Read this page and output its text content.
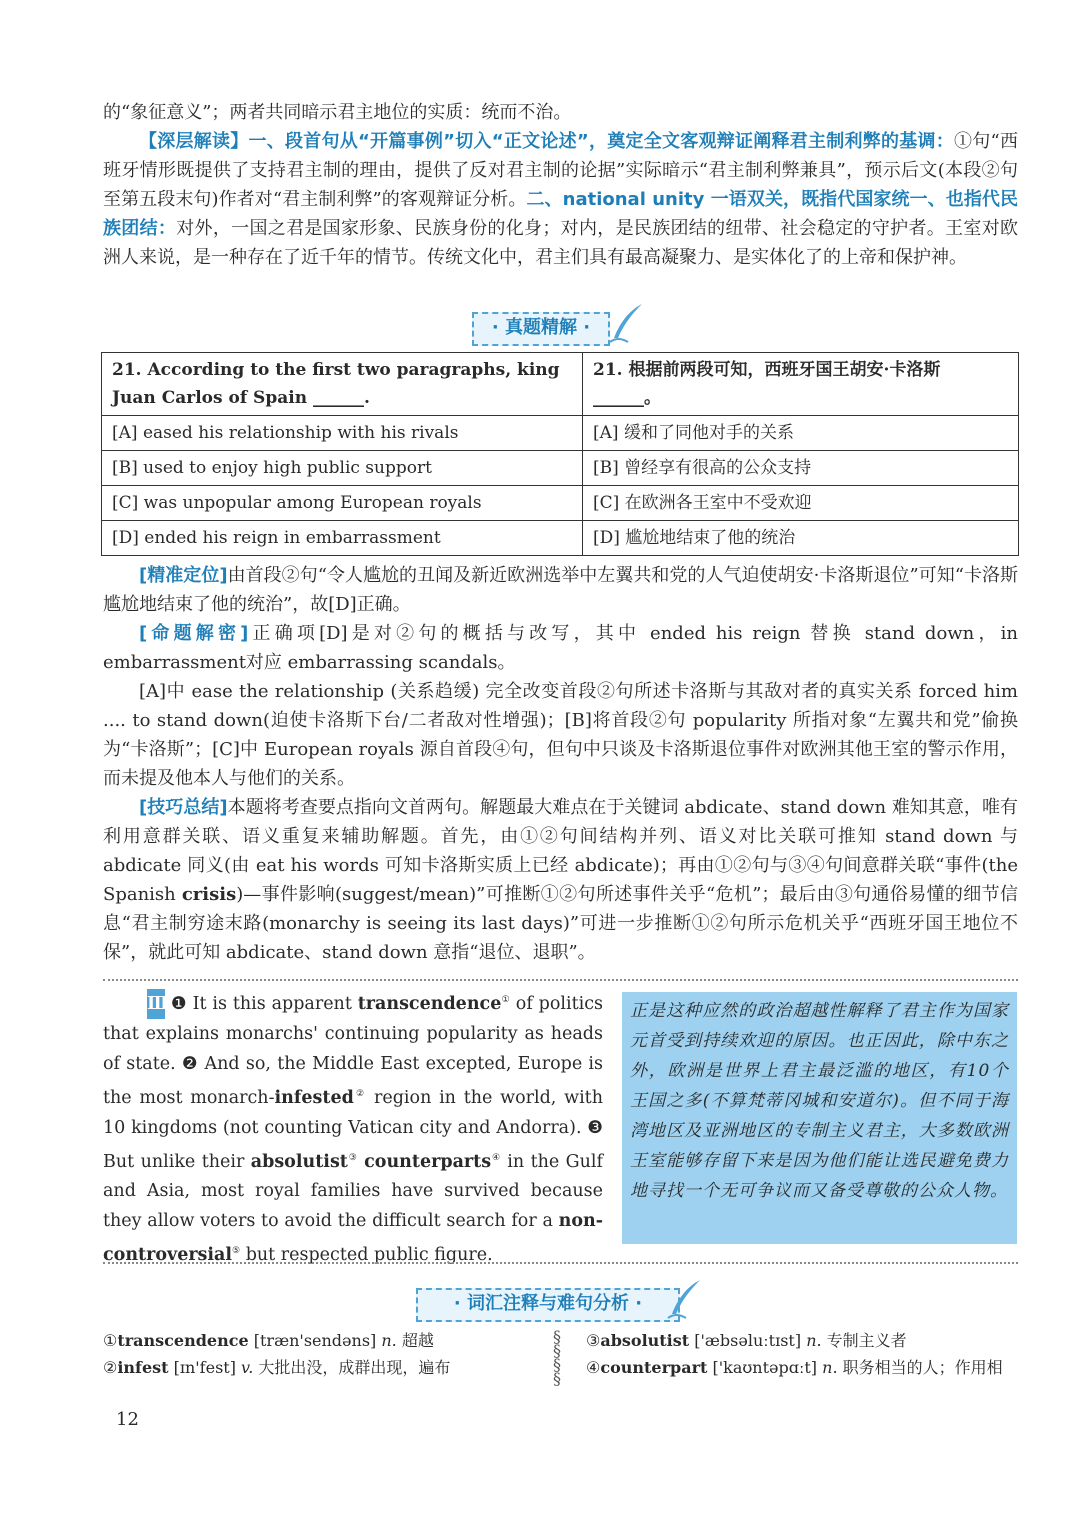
的“象征意义”；两者共同暗示君主地位的实质：统而不治。

【深层解读】一、段首句从“开篇事例”切入“正文论述”，奠定全文客观辩证阐释君主制利弊的基调：①句“西班牙情形既提供了支持君主制的理由，提供了反对君主制的论据”实际暗示“君主制利弊兼具”，预示后文(本段②句至第五段末句)作者对“君主制利弊”的客观辩证分析。二、national unity 一语双关，既指代国家统一、也指代民族团结：对外，一国之君是国家形象、民族身份的化身；对内，是民族团结的纽带、社会稳定的守护者。王室对欧洲人来说，是一种存在了近千年的情节。传统文化中，君主们具有最高凝聚力、是实体化了的上帝和保护神。

· 真题精解 ·
21. According to the first two paragraphs, king Juan Carlos of Spain ______.	21. 根据前两段可知，西班牙国王胡安·卡洛斯______。
[A] eased his relationship with his rivals	[A] 缓和了同他对手的关系
[B] used to enjoy high public support	[B] 曾经享有很高的公众支持
[C] was unpopular among European royals	[C] 在欧洲各王室中不受欢迎
[D] ended his reign in embarrassment	[D] 尴尬地结束了他的统治

[精准定位]由首段②句“令人尴尬的丑闻及新近欧洲选举中左翼共和党的人气迫使胡安·卡洛斯退位”可知“卡洛斯尴尬地结束了他的统治”，故[D]正确。

[命题解密]正确项[D]是对②句的概括与改写，其中 ended his reign 替换 stand down，in embarrassment对应 embarrassing scandals。

[A]中 ease the relationship (关系趋缓) 完全改变首段②句所述卡洛斯与其敌对者的真实关系 forced him .... to stand down(迫使卡洛斯下台/二者敌对性增强)；[B]将首段②句 popularity 所指对象“左翼共和党”偷换为“卡洛斯”；[C]中 European royals 源自首段④句，但句中只谈及卡洛斯退位事件对欧洲其他王室的警示作用，而未提及他本人与他们的关系。

[技巧总结]本题将考查要点指向文首两句。解题最大难点在于关键词 abdicate、stand down 难知其意，唯有利用意群关联、语义重复来辅助解题。首先，由①②句间结构并列、语义对比关联可推知 stand down 与 abdicate 同义(由 eat his words 可知卡洛斯实质上已经 abdicate)；再由①②句与③④句间意群关联“事件(the Spanish crisis)—事件影响(suggest/mean)”可推断①②句所述事件关乎“危机”；最后由③句通俗易懂的细节信息“君主制穷途末路(monarchy is seeing its last days)”可进一步推断①②句所示危机关乎“西班牙国王地位不保”，就此可知 abdicate、stand down 意指“退位、退职”。

Ⅲ ❶ It is this apparent transcendence① of politics that explains monarchs' continuing popularity as heads of state. ❷ And so, the Middle East excepted, Europe is the most monarch-infested② region in the world, with 10 kingdoms (not counting Vatican city and Andorra). ❸ But unlike their absolutist③ counterparts④ in the Gulf and Asia, most royal families have survived because they allow voters to avoid the difficult search for a non-controversial⑤ but respected public figure.
正是这种应然的政治超越性解释了君主作为国家元首受到持续欢迎的原因。也正因此，除中东之外，欧洲是世界上君主最泛滥的地区，有10个王国之多(不算梵蒂冈城和安道尔)。但不同于海湾地区及亚洲地区的专制主义君主，大多数欧洲王室能够存留下来是因为他们能让选民避免费力地寻找一个无可争议而又备受尊敬的公众人物。
· 词汇注释与难句分析 ·
①transcendence [træn'sendəns] n. 超越
②infest [ɪn'fest] v. 大批出没，成群出现，遍布
§
§
§
§
③absolutist ['æbsəluːtɪst] n. 专制主义者
④counterpart ['kaʊntəpɑːt] n. 职务相当的人；作用相
12
